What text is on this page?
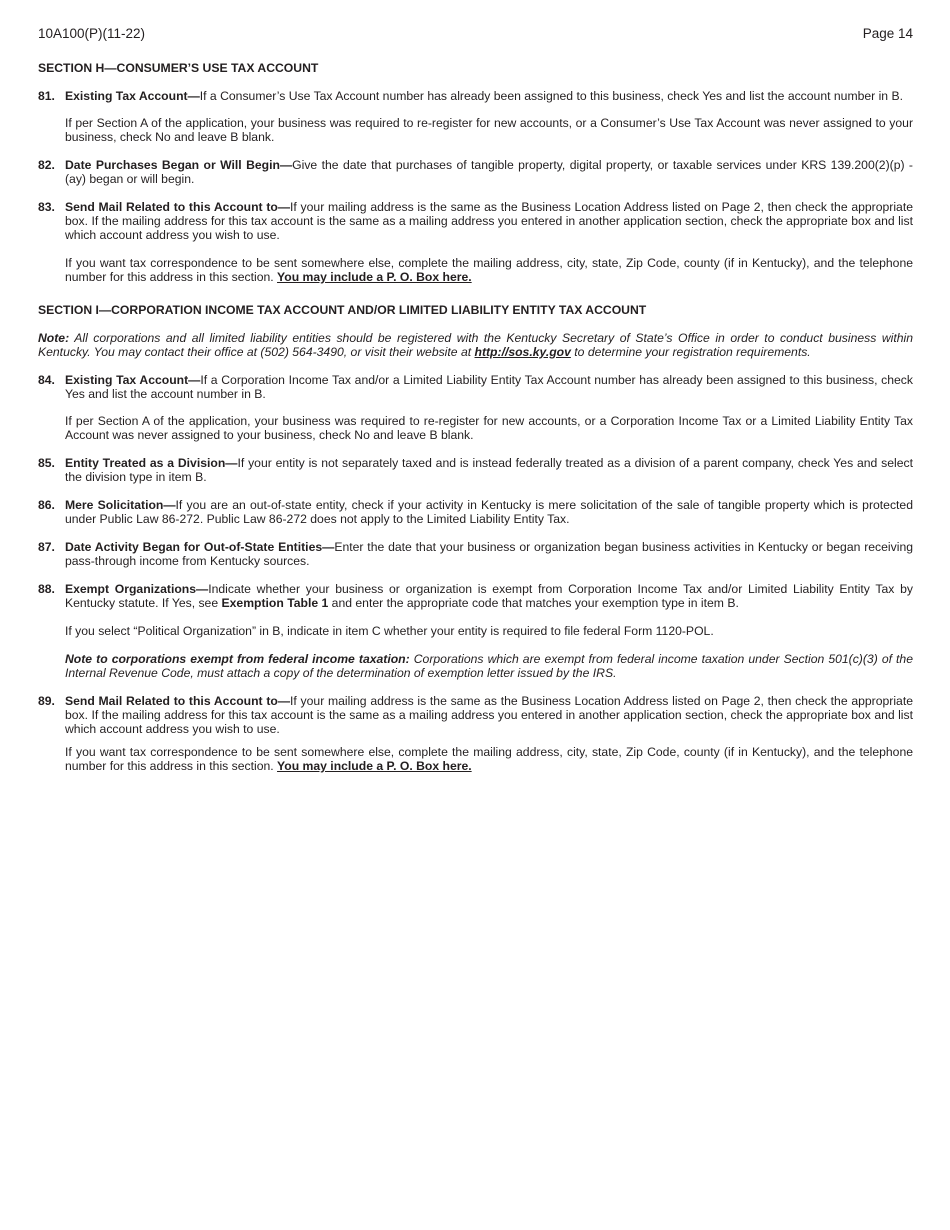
10A100(P)(11-22)	Page 14

SECTION H—CONSUMER’S USE TAX ACCOUNT

81. Existing Tax Account—If a Consumer’s Use Tax Account number has already been assigned to this business, check Yes and list the account number in B.

If per Section A of the application, your business was required to re-register for new accounts, or a Consumer’s Use Tax Account was never assigned to your business, check No and leave B blank.

82. Date Purchases Began or Will Begin—Give the date that purchases of tangible property, digital property, or taxable services under KRS 139.200(2)(p) - (ay) began or will begin.

83. Send Mail Related to this Account to—If your mailing address is the same as the Business Location Address listed on Page 2, then check the appropriate box. If the mailing address for this tax account is the same as a mailing address you entered in another application section, check the appropriate box and list which account address you wish to use.

If you want tax correspondence to be sent somewhere else, complete the mailing address, city, state, Zip Code, county (if in Kentucky), and the telephone number for this address in this section. You may include a P. O. Box here.

SECTION I—CORPORATION INCOME TAX ACCOUNT AND/OR LIMITED LIABILITY ENTITY TAX ACCOUNT

Note: All corporations and all limited liability entities should be registered with the Kentucky Secretary of State’s Office in order to conduct business within Kentucky. You may contact their office at (502) 564-3490, or visit their website at http://sos.ky.gov to determine your registration requirements.

84. Existing Tax Account—If a Corporation Income Tax and/or a Limited Liability Entity Tax Account number has already been assigned to this business, check Yes and list the account number in B.

If per Section A of the application, your business was required to re-register for new accounts, or a Corporation Income Tax or a Limited Liability Entity Tax Account was never assigned to your business, check No and leave B blank.

85. Entity Treated as a Division—If your entity is not separately taxed and is instead federally treated as a division of a parent company, check Yes and select the division type in item B.

86. Mere Solicitation—If you are an out-of-state entity, check if your activity in Kentucky is mere solicitation of the sale of tangible property which is protected under Public Law 86-272. Public Law 86-272 does not apply to the Limited Liability Entity Tax.

87. Date Activity Began for Out-of-State Entities—Enter the date that your business or organization began business activities in Kentucky or began receiving pass-through income from Kentucky sources.

88. Exempt Organizations—Indicate whether your business or organization is exempt from Corporation Income Tax and/or Limited Liability Entity Tax by Kentucky statute. If Yes, see Exemption Table 1 and enter the appropriate code that matches your exemption type in item B.

If you select “Political Organization” in B, indicate in item C whether your entity is required to file federal Form 1120-POL.

Note to corporations exempt from federal income taxation: Corporations which are exempt from federal income taxation under Section 501(c)(3) of the Internal Revenue Code, must attach a copy of the determination of exemption letter issued by the IRS.

89. Send Mail Related to this Account to—If your mailing address is the same as the Business Location Address listed on Page 2, then check the appropriate box. If the mailing address for this tax account is the same as a mailing address you entered in another application section, check the appropriate box and list which account address you wish to use.

If you want tax correspondence to be sent somewhere else, complete the mailing address, city, state, Zip Code, county (if in Kentucky), and the telephone number for this address in this section. You may include a P. O. Box here.
